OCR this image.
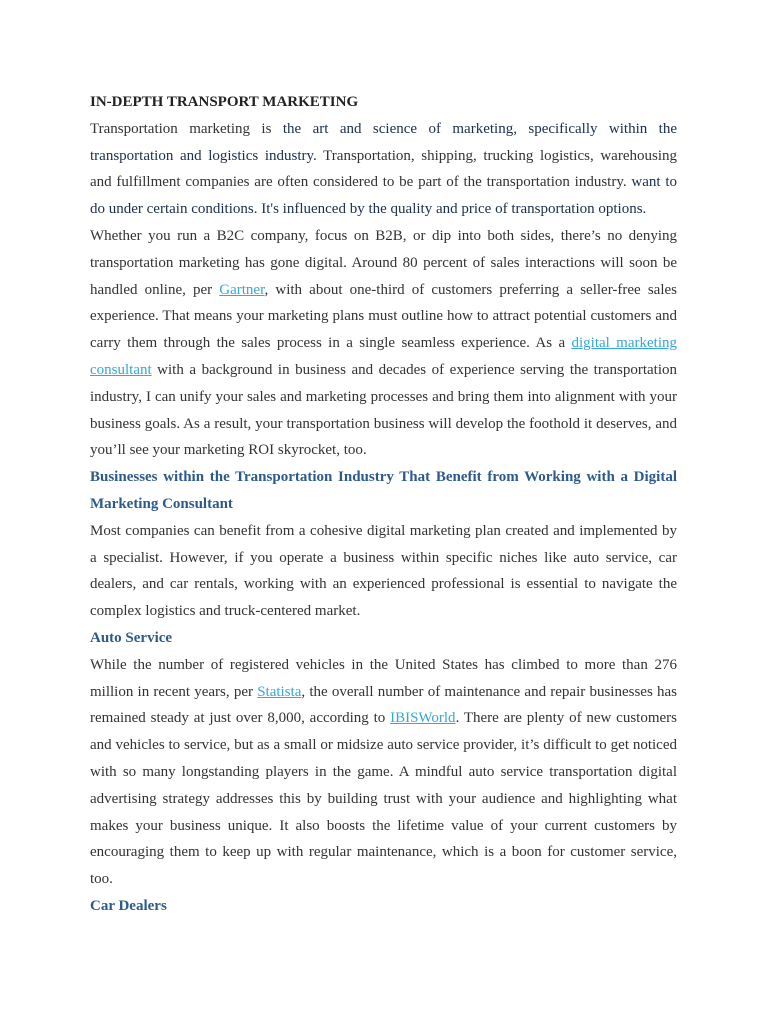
IN-DEPTH TRANSPORT MARKETING

Transportation marketing is the art and science of marketing, specifically within the transportation and logistics industry. Transportation, shipping, trucking logistics, warehousing and fulfillment companies are often considered to be part of the transportation industry. want to do under certain conditions. It's influenced by the quality and price of transportation options.

Whether you run a B2C company, focus on B2B, or dip into both sides, there’s no denying transportation marketing has gone digital. Around 80 percent of sales interactions will soon be handled online, per Gartner, with about one-third of customers preferring a seller-free sales experience. That means your marketing plans must outline how to attract potential customers and carry them through the sales process in a single seamless experience. As a digital marketing consultant with a background in business and decades of experience serving the transportation industry, I can unify your sales and marketing processes and bring them into alignment with your business goals. As a result, your transportation business will develop the foothold it deserves, and you’ll see your marketing ROI skyrocket, too.

Businesses within the Transportation Industry That Benefit from Working with a Digital Marketing Consultant

Most companies can benefit from a cohesive digital marketing plan created and implemented by a specialist. However, if you operate a business within specific niches like auto service, car dealers, and car rentals, working with an experienced professional is essential to navigate the complex logistics and truck-centered market.

Auto Service

While the number of registered vehicles in the United States has climbed to more than 276 million in recent years, per Statista, the overall number of maintenance and repair businesses has remained steady at just over 8,000, according to IBISWorld. There are plenty of new customers and vehicles to service, but as a small or midsize auto service provider, it’s difficult to get noticed with so many longstanding players in the game. A mindful auto service transportation digital advertising strategy addresses this by building trust with your audience and highlighting what makes your business unique. It also boosts the lifetime value of your current customers by encouraging them to keep up with regular maintenance, which is a boon for customer service, too.

Car Dealers
